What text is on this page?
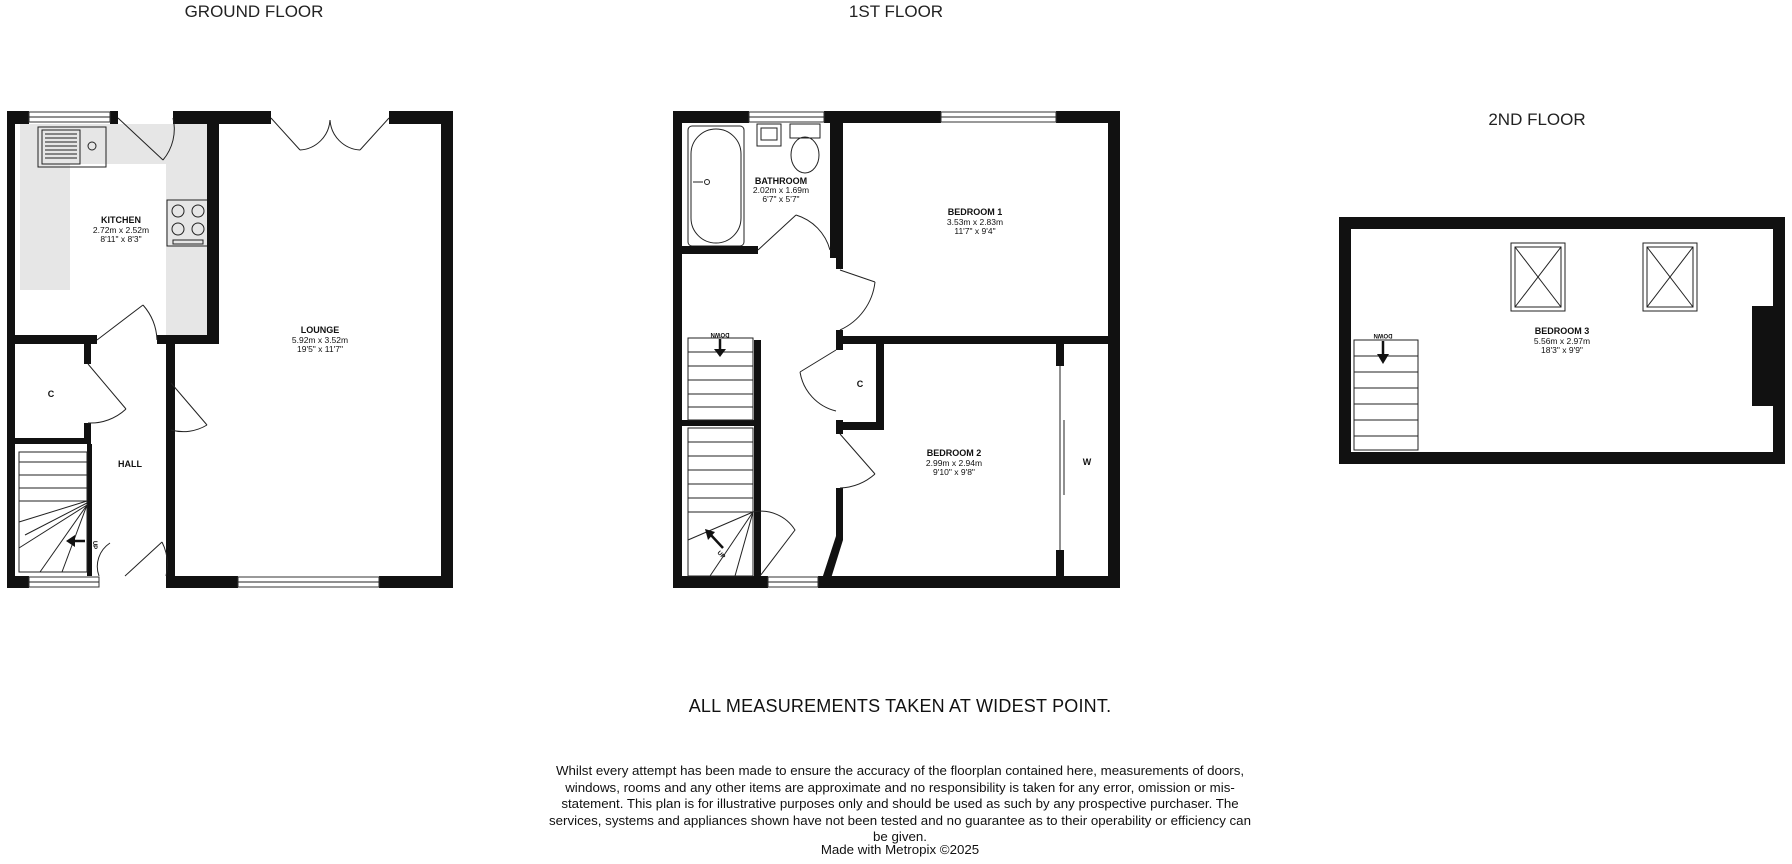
GROUND FLOOR
UP
KITCHEN
2.72m x 2.52m
8'11" x 8'3"
LOUNGE
5.92m x 3.52m
19'5" x 11'7"
HALL
C
1ST FLOOR
UP
DOWN
BATHROOM
2.02m x 1.69m
6'7" x 5'7"
BEDROOM 1
3.53m x 2.83m
11'7" x 9'4"
BEDROOM 2
2.99m x 2.94m
9'10" x 9'8"
C
W
2ND FLOOR
DOWN	BEDROOM 3
5.56m x 2.97m
18'3" x 9'9"
ALL MEASUREMENTS TAKEN AT WIDEST POINT.
Whilst every attempt has been made to ensure the accuracy of the floorplan contained here, measurements of doors, windows, rooms and any other items are approximate and no responsibility is taken for any error, omission or mis-statement. This plan is for illustrative purposes only and should be used as such by any prospective purchaser. The services, systems and appliances shown have not been tested and no guarantee as to their operability or efficiency can be given.
Made with Metropix ©2025
